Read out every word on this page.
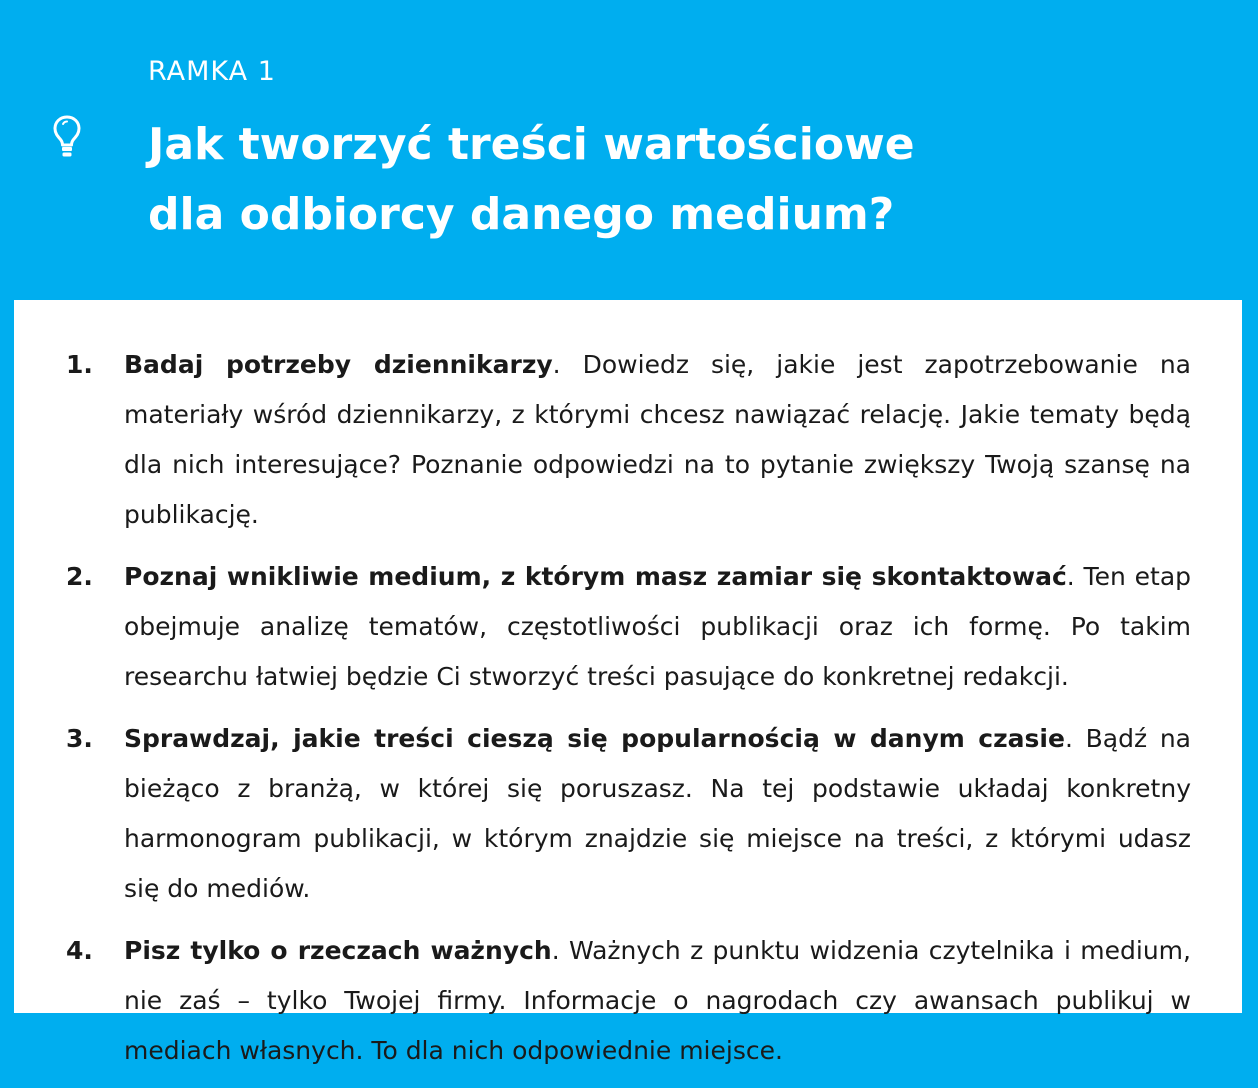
RAMKA 1
Jak tworzyć treści wartościowe
dla odbiorcy danego medium?
1. Badaj potrzeby dziennikarzy. Dowiedz się, jakie jest zapotrzebowanie na materiały wśród dziennikarzy, z którymi chcesz nawiązać relację. Jakie tematy będą dla nich interesujące? Poznanie odpowiedzi na to pytanie zwiększy Twoją szansę na publikację.
2. Poznaj wnikliwie medium, z którym masz zamiar się skontaktować. Ten etap obejmuje analizę tematów, częstotliwości publikacji oraz ich formę. Po takim researchu łatwiej będzie Ci stworzyć treści pasujące do konkretnej redakcji.
3. Sprawdzaj, jakie treści cieszą się popularnością w danym czasie. Bądź na bieżąco z branżą, w której się poruszasz. Na tej podstawie układaj konkretny harmonogram publikacji, w którym znajdzie się miejsce na treści, z którymi udasz się do mediów.
4. Pisz tylko o rzeczach ważnych. Ważnych z punktu widzenia czytelnika i medium, nie zaś – tylko Twojej firmy. Informacje o nagrodach czy awansach publikuj w mediach własnych. To dla nich odpowiednie miejsce.
